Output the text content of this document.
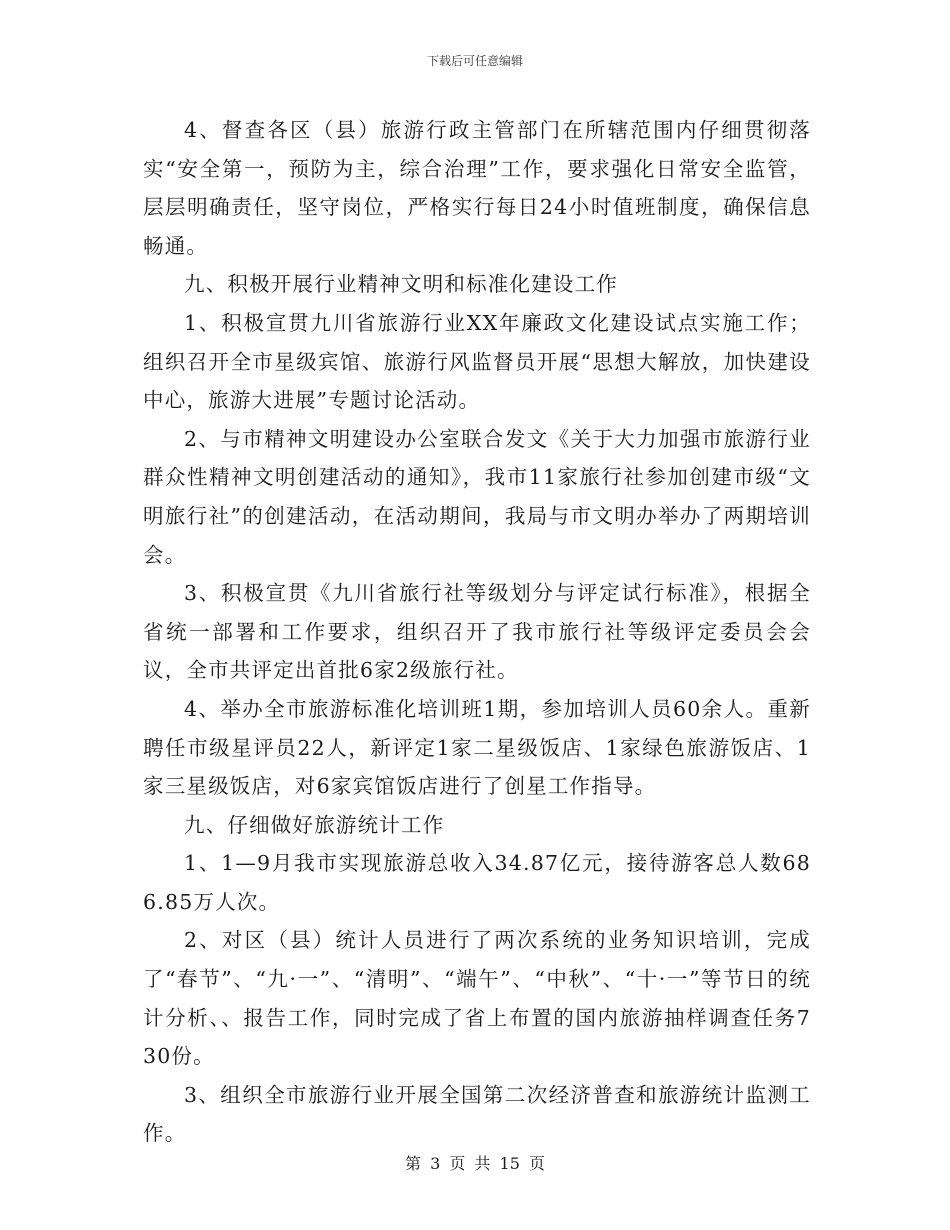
下载后可任意编辑

4、督查各区（县）旅游行政主管部门在所辖范围内仔细贯彻落实“安全第一，预防为主，综合治理”工作，要求强化日常安全监管，层层明确责任，坚守岗位，严格实行每日24小时值班制度，确保信息畅通。

九、积极开展行业精神文明和标准化建设工作

1、积极宣贯九川省旅游行业XX年廉政文化建设试点实施工作；组织召开全市星级宾馆、旅游行风监督员开展“思想大解放，加快建设中心，旅游大进展”专题讨论活动。

2、与市精神文明建设办公室联合发文《关于大力加强市旅游行业群众性精神文明创建活动的通知》，我市11家旅行社参加创建市级“文明旅行社”的创建活动，在活动期间，我局与市文明办举办了两期培训会。

3、积极宣贯《九川省旅行社等级划分与评定试行标准》，根据全省统一部署和工作要求，组织召开了我市旅行社等级评定委员会会议，全市共评定出首批6家2级旅行社。

4、举办全市旅游标准化培训班1期，参加培训人员60余人。重新聘任市级星评员22人，新评定1家二星级饭店、1家绿色旅游饭店、1家三星级饭店，对6家宾馆饭店进行了创星工作指导。

九、仔细做好旅游统计工作

1、1—9月我市实现旅游总收入34.87亿元，接待游客总人数686.85万人次。

2、对区（县）统计人员进行了两次系统的业务知识培训，完成了“春节”、“九·一”、“清明”、“端午”、“中秋”、“十·一”等节日的统计分析、、报告工作，同时完成了省上布置的国内旅游抽样调查任务730份。

3、组织全市旅游行业开展全国第二次经济普查和旅游统计监测工作。

第 3 页 共 15 页
